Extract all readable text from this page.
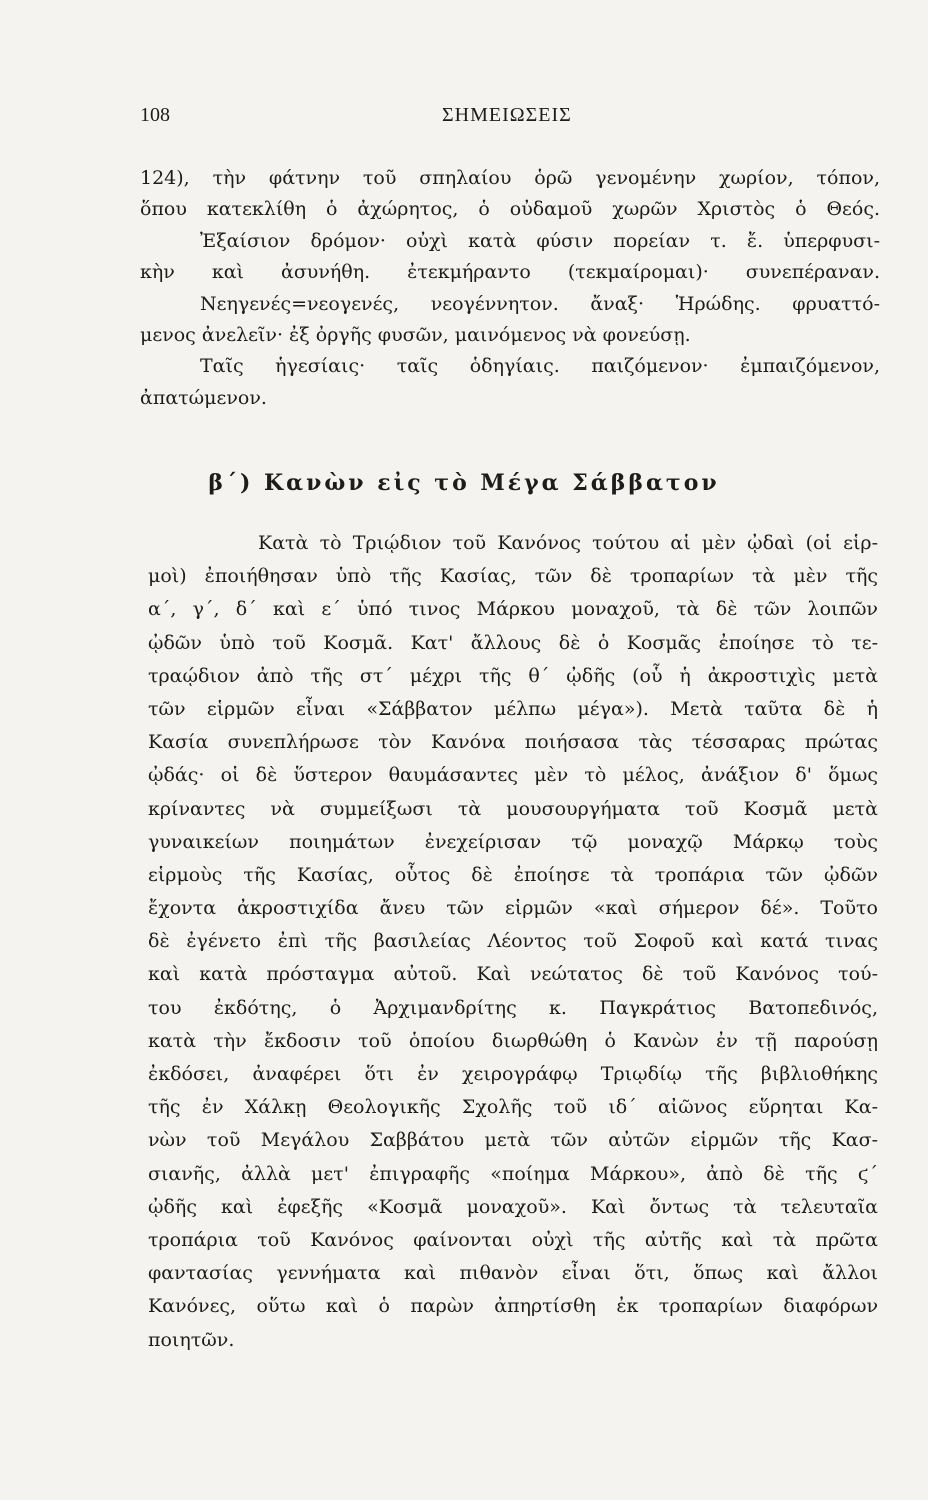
108	ΣΗΜΕΙΩΣΕΙΣ
124), τὴν φάτνην τοῦ σπηλαίου ὁρῶ γενομένην χωρίον, τόπον,
ὅπου κατεκλίθη ὁ ἀχώρητος, ὁ οὐδαμοῦ χωρῶν Χριστὸς ὁ Θεός.
Ἐξαίσιον δρόμον· οὐχὶ κατὰ φύσιν πορείαν τ. ἔ. ὑπερφυσι-
κὴν καὶ ἀσυνήθη. ἐτεκμήραντο (τεκμαίρομαι)· συνεπέραναν.
Νεηγενές=νεογενές, νεογέννητον. ἄναξ· Ἡρώδης. φρυαττό-
μενος ἀνελεῖν· ἐξ ὀργῆς φυσῶν, μαινόμενος νὰ φονεύσῃ.
Ταῖς ἡγεσίαις· ταῖς ὁδηγίαις. παιζόμενον· ἐμπαιζόμενον,
ἀπατώμενον.
β΄) Κανὼν εἰς τὸ Μέγα Σάββατον
Κατὰ τὸ Τριῴδιον τοῦ Κανόνος τούτου αἱ μὲν ᾠδαὶ (οἱ εἱρ-
μοὶ) ἐποιήθησαν ὑπὸ τῆς Κασίας, τῶν δὲ τροπαρίων τὰ μὲν τῆς
α΄, γ΄, δ΄ καὶ ε΄ ὑπό τινος Μάρκου μοναχοῦ, τὰ δὲ τῶν λοιπῶν
ᾠδῶν ὑπὸ τοῦ Κοσμᾶ. Κατ' ἄλλους δὲ ὁ Κοσμᾶς ἐποίησε τὸ τε-
τραῴδιον ἀπὸ τῆς στ΄ μέχρι τῆς θ΄ ᾠδῆς (οὗ ἡ ἀκροστιχὶς μετὰ
τῶν εἱρμῶν εἶναι «Σάββατον μέλπω μέγα»). Μετὰ ταῦτα δὲ ἡ
Κασία συνεπλήρωσε τὸν Κανόνα ποιήσασα τὰς τέσσαρας πρώτας
ᾠδάς· οἱ δὲ ὕστερον θαυμάσαντες μὲν τὸ μέλος, ἀνάξιον δ' ὅμως
κρίναντες νὰ συμμείξωσι τὰ μουσουργήματα τοῦ Κοσμᾶ μετὰ
γυναικείων ποιημάτων ἐνεχείρισαν τῷ μοναχῷ Μάρκῳ τοὺς
εἱρμοὺς τῆς Κασίας, οὗτος δὲ ἐποίησε τὰ τροπάρια τῶν ᾠδῶν
ἔχοντα ἀκροστιχίδα ἄνευ τῶν εἱρμῶν «καὶ σήμερον δέ». Τοῦτο
δὲ ἐγένετο ἐπὶ τῆς βασιλείας Λέοντος τοῦ Σοφοῦ καὶ κατά τινας
καὶ κατὰ πρόσταγμα αὐτοῦ. Καὶ νεώτατος δὲ τοῦ Κανόνος τού-
του ἐκδότης, ὁ Ἀρχιμανδρίτης κ. Παγκράτιος Βατοπεδινός,
κατὰ τὴν ἔκδοσιν τοῦ ὁποίου διωρθώθη ὁ Κανὼν ἐν τῇ παρούσῃ
ἐκδόσει, ἀναφέρει ὅτι ἐν χειρογράφῳ Τριῳδίῳ τῆς βιβλιοθήκης
τῆς ἐν Χάλκῃ Θεολογικῆς Σχολῆς τοῦ ιδ΄ αἰῶνος εὕρηται Κα-
νὼν τοῦ Μεγάλου Σαββάτου μετὰ τῶν αὐτῶν εἱρμῶν τῆς Κασ-
σιανῆς, ἀλλὰ μετ' ἐπιγραφῆς «ποίημα Μάρκου», ἀπὸ δὲ τῆς ϛ΄
ᾠδῆς καὶ ἐφεξῆς «Κοσμᾶ μοναχοῦ». Καὶ ὄντως τὰ τελευταῖα
τροπάρια τοῦ Κανόνος φαίνονται οὐχὶ τῆς αὐτῆς καὶ τὰ πρῶτα
φαντασίας γεννήματα καὶ πιθανὸν εἶναι ὅτι, ὅπως καὶ ἄλλοι
Κανόνες, οὕτω καὶ ὁ παρὼν ἀπηρτίσθη ἐκ τροπαρίων διαφόρων
ποιητῶν.
